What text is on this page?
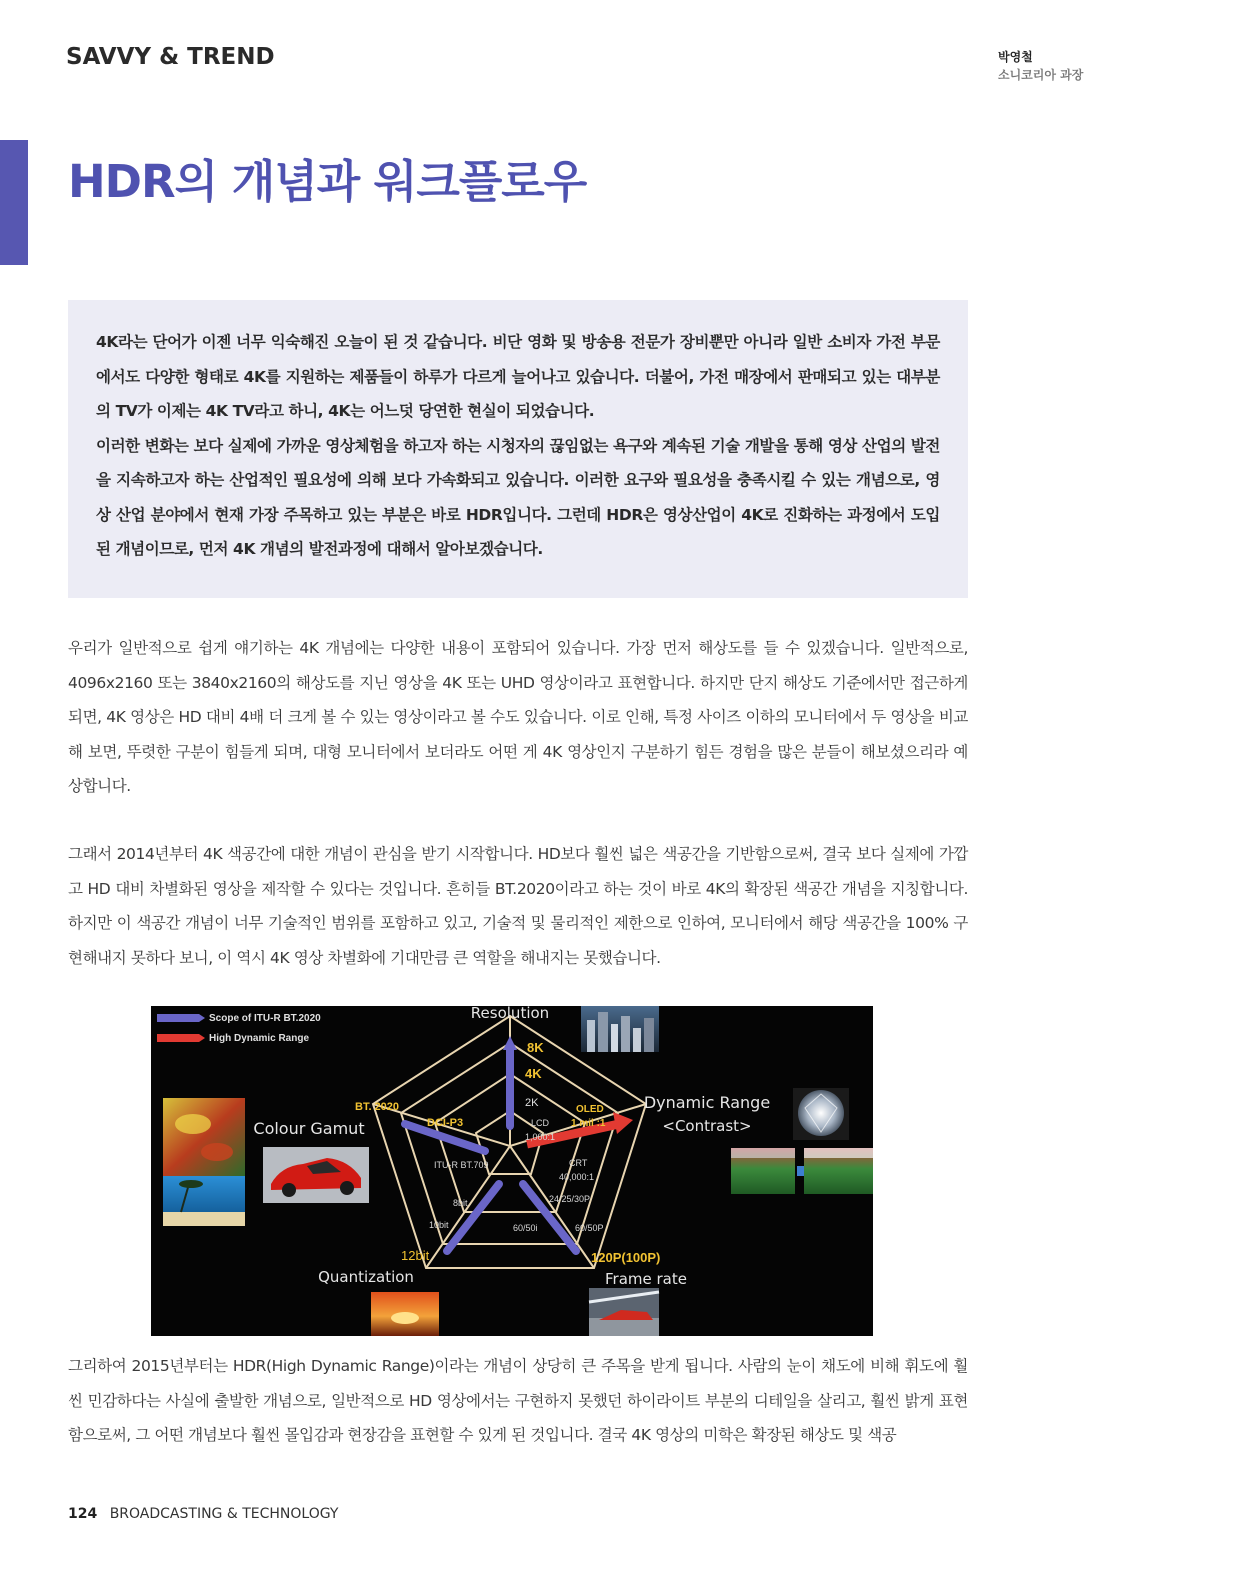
SAVVY & TREND	박영철
소니코리아 과장
HDR의 개념과 워크플로우

4K라는 단어가 이젠 너무 익숙해진 오늘이 된 것 같습니다. 비단 영화 및 방송용 전문가 장비뿐만 아니라 일반 소비자 가전 부문에서도 다양한 형태로 4K를 지원하는 제품들이 하루가 다르게 늘어나고 있습니다. 더불어, 가전 매장에서 판매되고 있는 대부분의 TV가 이제는 4K TV라고 하니, 4K는 어느덧 당연한 현실이 되었습니다.

이러한 변화는 보다 실제에 가까운 영상체험을 하고자 하는 시청자의 끊임없는 욕구와 계속된 기술 개발을 통해 영상 산업의 발전을 지속하고자 하는 산업적인 필요성에 의해 보다 가속화되고 있습니다. 이러한 요구와 필요성을 충족시킬 수 있는 개념으로, 영상 산업 분야에서 현재 가장 주목하고 있는 부분은 바로 HDR입니다. 그런데 HDR은 영상산업이 4K로 진화하는 과정에서 도입된 개념이므로, 먼저 4K 개념의 발전과정에 대해서 알아보겠습니다.

우리가 일반적으로 쉽게 얘기하는 4K 개념에는 다양한 내용이 포함되어 있습니다. 가장 먼저 해상도를 들 수 있겠습니다. 일반적으로, 4096x2160 또는 3840x2160의 해상도를 지닌 영상을 4K 또는 UHD 영상이라고 표현합니다. 하지만 단지 해상도 기준에서만 접근하게 되면, 4K 영상은 HD 대비 4배 더 크게 볼 수 있는 영상이라고 볼 수도 있습니다. 이로 인해, 특정 사이즈 이하의 모니터에서 두 영상을 비교해 보면, 뚜렷한 구분이 힘들게 되며, 대형 모니터에서 보더라도 어떤 게 4K 영상인지 구분하기 힘든 경험을 많은 분들이 해보셨으리라 예상합니다.

그래서 2014년부터 4K 색공간에 대한 개념이 관심을 받기 시작합니다. HD보다 훨씬 넓은 색공간을 기반함으로써, 결국 보다 실제에 가깝고 HD 대비 차별화된 영상을 제작할 수 있다는 것입니다. 흔히들 BT.2020이라고 하는 것이 바로 4K의 확장된 색공간 개념을 지칭합니다. 하지만 이 색공간 개념이 너무 기술적인 범위를 포함하고 있고, 기술적 및 물리적인 제한으로 인하여, 모니터에서 해당 색공간을 100% 구현해내지 못하다 보니, 이 역시 4K 영상 차별화에 기대만큼 큰 역할을 해내지는 못했습니다.

Scope of ITU-R BT.2020
High Dynamic Range
Resolution
Dynamic Range
<Contrast>
Frame rate
Quantization
Colour Gamut
8K
4K
2K
OLED
1 mil :1
LCD
1,000:1
CRT
40,000:1
24/25/30P
60/50i	60/50P
120P(100P)
8bit
10bit
12bit
ITU-R BT.709
DCI-P3
BT. 2020

그리하여 2015년부터는 HDR(High Dynamic Range)이라는 개념이 상당히 큰 주목을 받게 됩니다. 사람의 눈이 채도에 비해 휘도에 훨씬 민감하다는 사실에 출발한 개념으로, 일반적으로 HD 영상에서는 구현하지 못했던 하이라이트 부분의 디테일을 살리고, 훨씬 밝게 표현함으로써, 그 어떤 개념보다 훨씬 몰입감과 현장감을 표현할 수 있게 된 것입니다. 결국 4K 영상의 미학은 확장된 해상도 및 색공

124 BROADCASTING & TECHNOLOGY
